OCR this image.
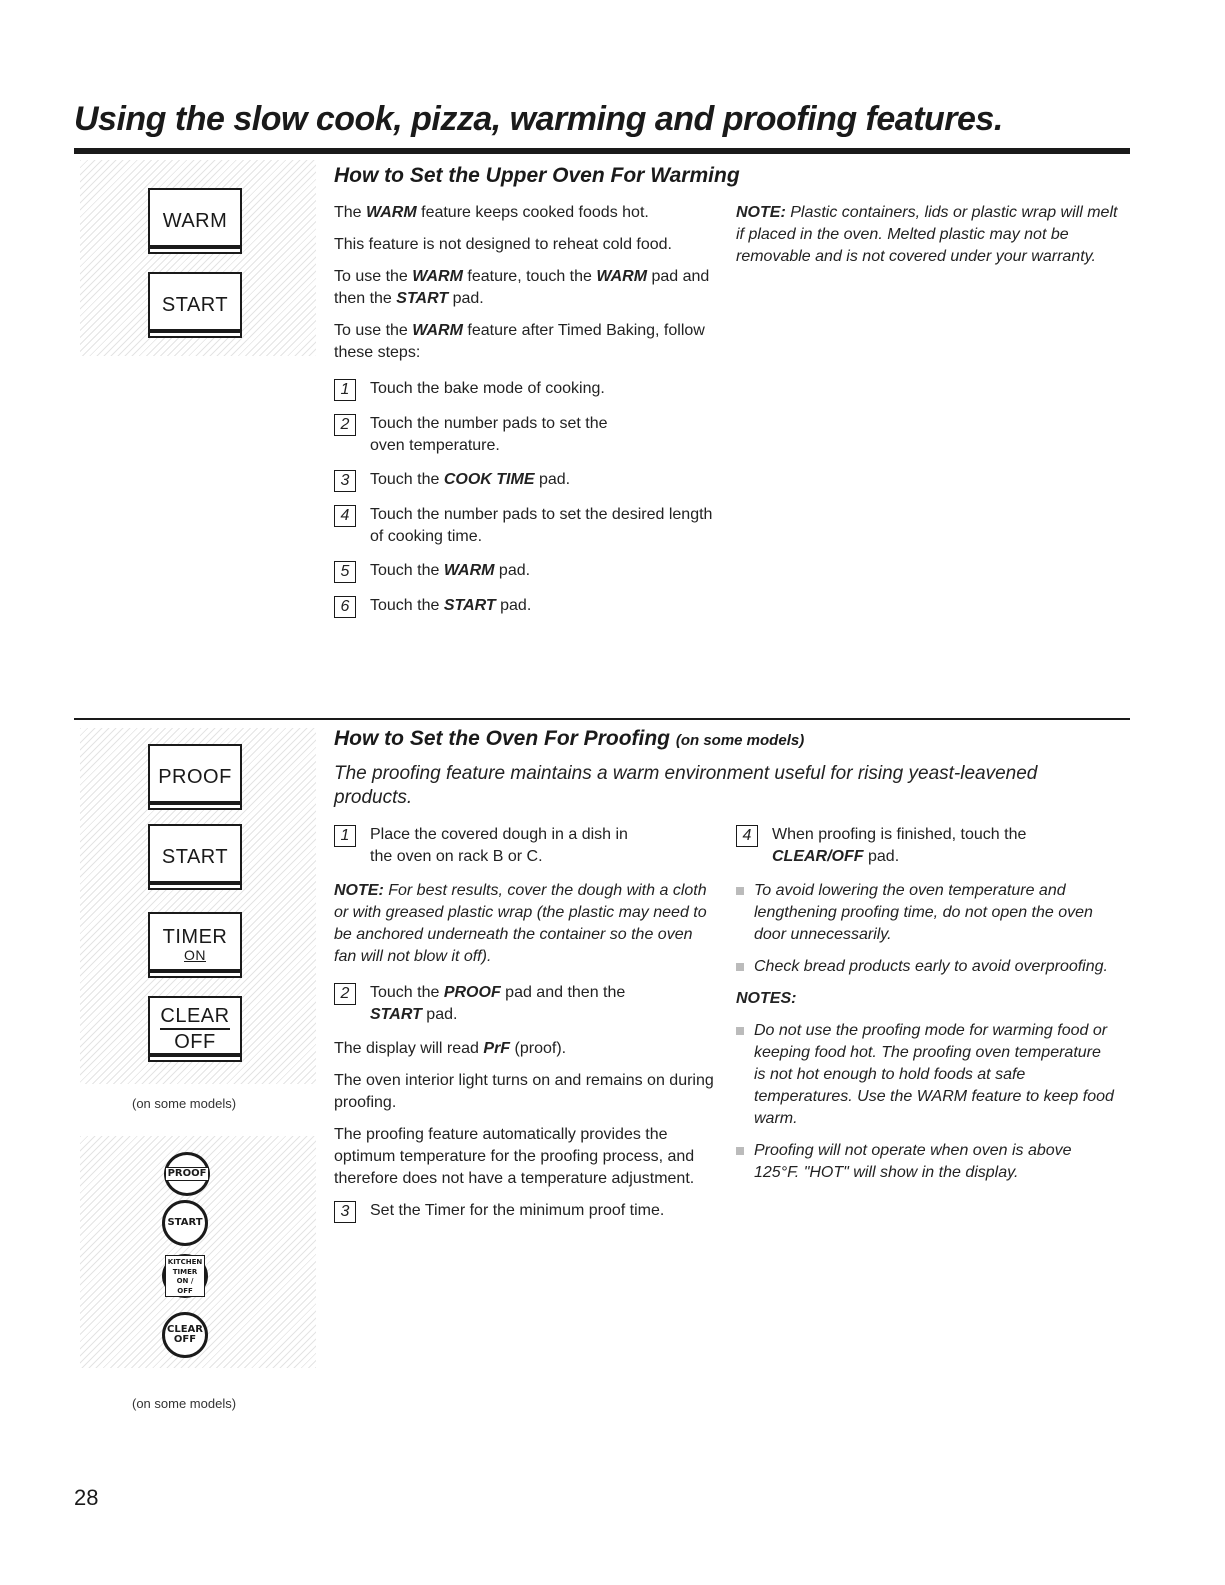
Using the slow cook, pizza, warming and proofing features.
WARM
START
How to Set the Upper Oven For Warming

The WARM feature keeps cooked foods hot.

This feature is not designed to reheat cold food.

To use the WARM feature, touch the WARM pad and then the START pad.

To use the WARM feature after Timed Baking, follow these steps:

1	Touch the bake mode of cooking.
2	Touch the number pads to set the oven temperature.
3	Touch the COOK TIME pad.
4	Touch the number pads to set the desired length of cooking time.
5	Touch the WARM pad.
6	Touch the START pad.
NOTE: Plastic containers, lids or plastic wrap will melt if placed in the oven. Melted plastic may not be removable and is not covered under your warranty.
PROOF
START
TIMER
ON
CLEAR
OFF
(on some models)
PROOF
START
KITCHEN
TIMER
ON / OFF
CLEAR
OFF
(on some models)
How to Set the Oven For Proofing (on some models)
The proofing feature maintains a warm environment useful for rising yeast-leavened products.
1	Place the covered dough in a dish in the oven on rack B or C.

NOTE: For best results, cover the dough with a cloth or with greased plastic wrap (the plastic may need to be anchored underneath the container so the oven fan will not blow it off).

2	Touch the PROOF pad and then the START pad.

The display will read PrF (proof).

The oven interior light turns on and remains on during proofing.

The proofing feature automatically provides the optimum temperature for the proofing process, and therefore does not have a temperature adjustment.

3	Set the Timer for the minimum proof time.
4	When proofing is finished, touch the CLEAR/OFF pad.
To avoid lowering the oven temperature and lengthening proofing time, do not open the oven door unnecessarily.
Check bread products early to avoid overproofing.

NOTES:

Do not use the proofing mode for warming food or keeping food hot. The proofing oven temperature is not hot enough to hold foods at safe temperatures. Use the WARM feature to keep food warm.
Proofing will not operate when oven is above 125°F. "HOT" will show in the display.
28
